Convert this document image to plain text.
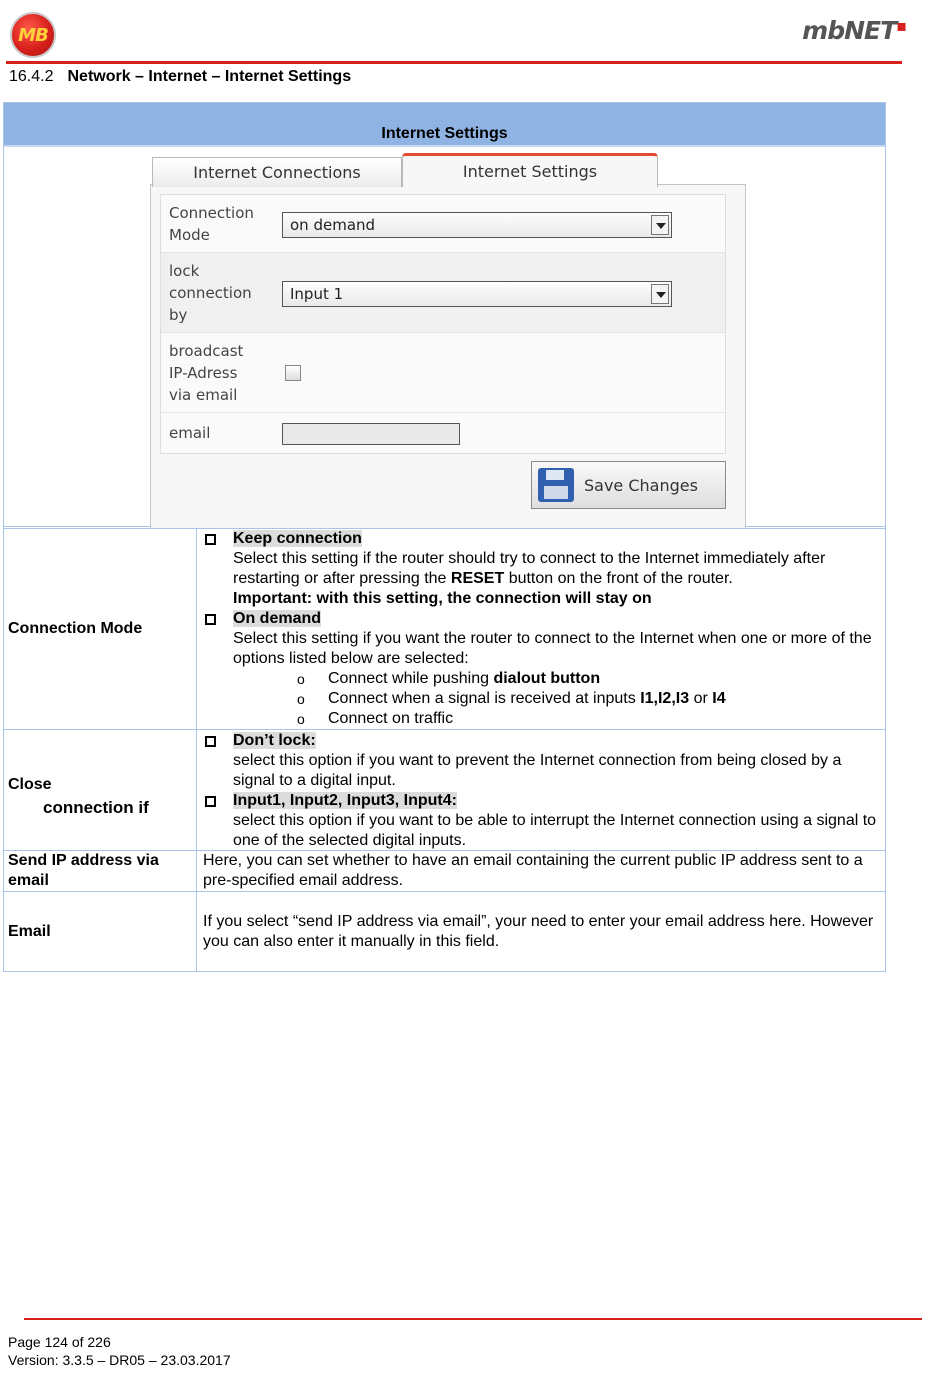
MB	mbNET▪
16.4.2 Network – Internet – Internet Settings
Internet Settings
Internet Connections	Internet Settings
Connection
Mode
on demand
lock
connection
by
Input 1
broadcast
IP-Adress
via email
email
Save Changes
Connection Mode
Keep connection
Select this setting if the router should try to connect to the Internet immediately after restarting or after pressing the RESET button on the front of the router.
Important: with this setting, the connection will stay on
On demand
Select this setting if you want the router to connect to the Internet when one or more of the options listed below are selected:
o Connect while pushing dialout button
o Connect when a signal is received at inputs I1,I2,I3 or I4
o Connect on traffic
Close
connection if
Don’t lock:
select this option if you want to prevent the Internet connection from being closed by a signal to a digital input.
Input1, Input2, Input3, Input4:
select this option if you want to be able to interrupt the Internet connection using a signal to one of the selected digital inputs.
Send IP address via email
Here, you can set whether to have an email containing the current public IP address sent to a pre-specified email address.
Email
If you select “send IP address via email”, your need to enter your email address here. However you can also enter it manually in this field.
Page 124 of 226
Version: 3.3.5 – DR05 – 23.03.2017
